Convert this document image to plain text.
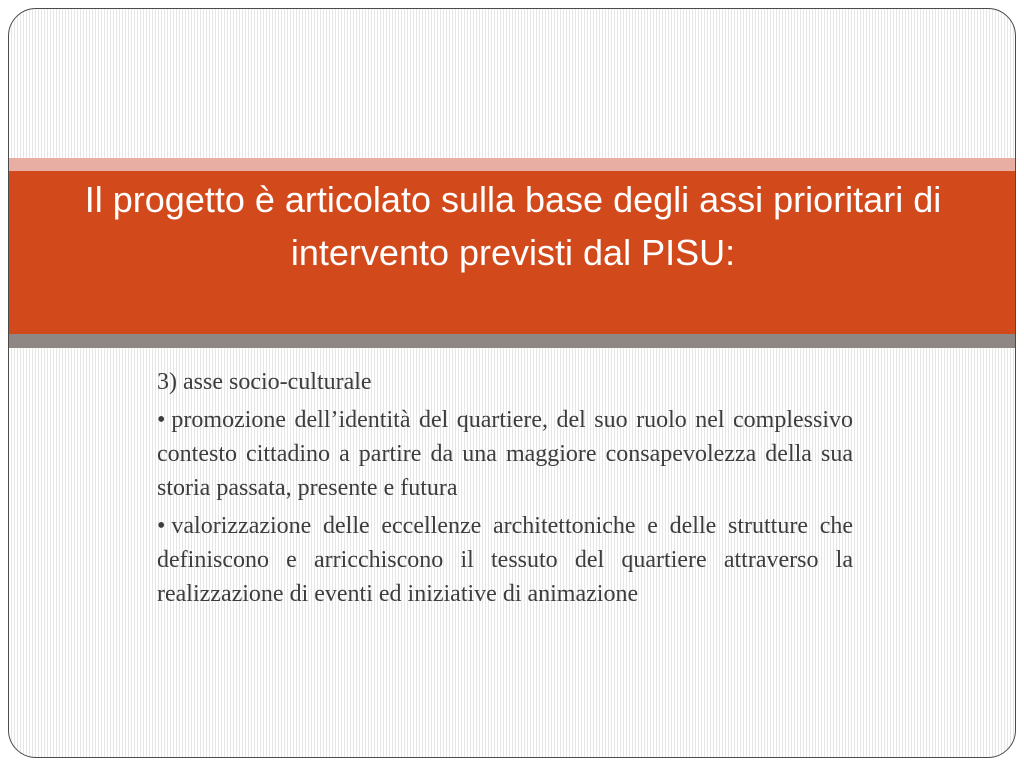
Il progetto è articolato sulla base degli assi prioritari di intervento previsti dal PISU:

3) asse socio-culturale

• promozione dell’identità del quartiere, del suo ruolo nel complessivo contesto cittadino a partire da una maggiore consapevolezza della sua storia passata, presente e futura

• valorizzazione delle eccellenze architettoniche e delle strutture che definiscono e arricchiscono il tessuto del quartiere attraverso la realizzazione di eventi ed iniziative di animazione
